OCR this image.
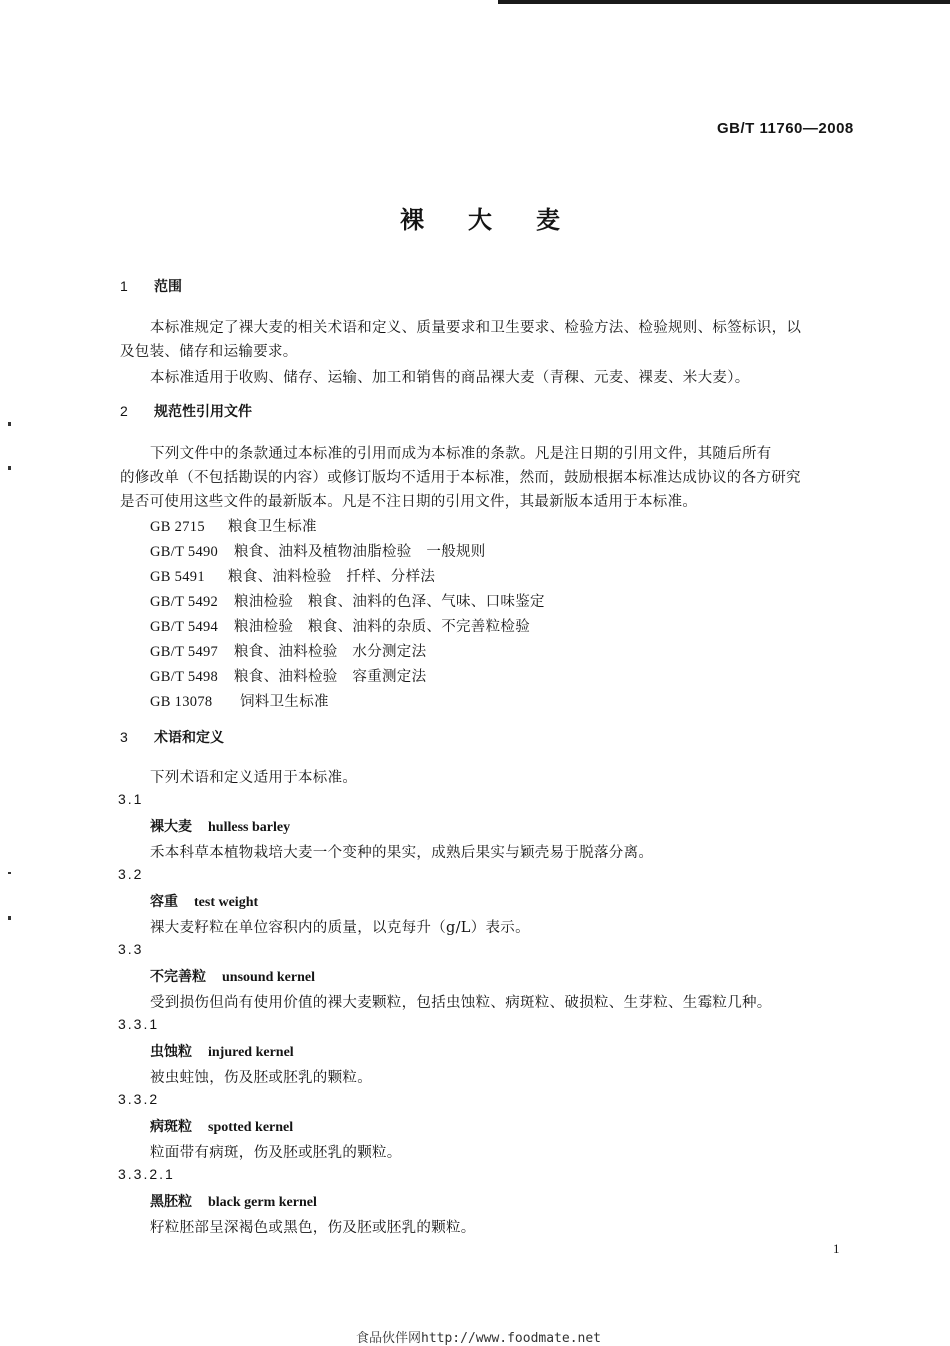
GB/T 11760—2008
裸大麦
1 范围
本标准规定了裸大麦的相关术语和定义、质量要求和卫生要求、检验方法、检验规则、标签标识，以
及包装、储存和运输要求。
本标准适用于收购、储存、运输、加工和销售的商品裸大麦（青稞、元麦、裸麦、米大麦）。
2 规范性引用文件
下列文件中的条款通过本标准的引用而成为本标准的条款。凡是注日期的引用文件，其随后所有
的修改单（不包括勘误的内容）或修订版均不适用于本标准，然而，鼓励根据本标准达成协议的各方研究
是否可使用这些文件的最新版本。凡是不注日期的引用文件，其最新版本适用于本标准。
GB 2715 粮食卫生标准
GB/T 5490 粮食、油料及植物油脂检验　一般规则
GB 5491 粮食、油料检验　扦样、分样法
GB/T 5492 粮油检验　粮食、油料的色泽、气味、口味鉴定
GB/T 5494 粮油检验　粮食、油料的杂质、不完善粒检验
GB/T 5497 粮食、油料检验　水分测定法
GB/T 5498 粮食、油料检验　容重测定法
GB 13078 饲料卫生标准
3 术语和定义
下列术语和定义适用于本标准。
3.1
裸大麦 hulless barley
禾本科草本植物栽培大麦一个变种的果实，成熟后果实与颖壳易于脱落分离。
3.2
容重 test weight
裸大麦籽粒在单位容积内的质量，以克每升（g/L）表示。
3.3
不完善粒 unsound kernel
受到损伤但尚有使用价值的裸大麦颗粒，包括虫蚀粒、病斑粒、破损粒、生芽粒、生霉粒几种。
3.3.1
虫蚀粒 injured kernel
被虫蛀蚀，伤及胚或胚乳的颗粒。
3.3.2
病斑粒 spotted kernel
粒面带有病斑，伤及胚或胚乳的颗粒。
3.3.2.1
黑胚粒 black germ kernel
籽粒胚部呈深褐色或黑色，伤及胚或胚乳的颗粒。
1
食品伙伴网http://www.foodmate.net
